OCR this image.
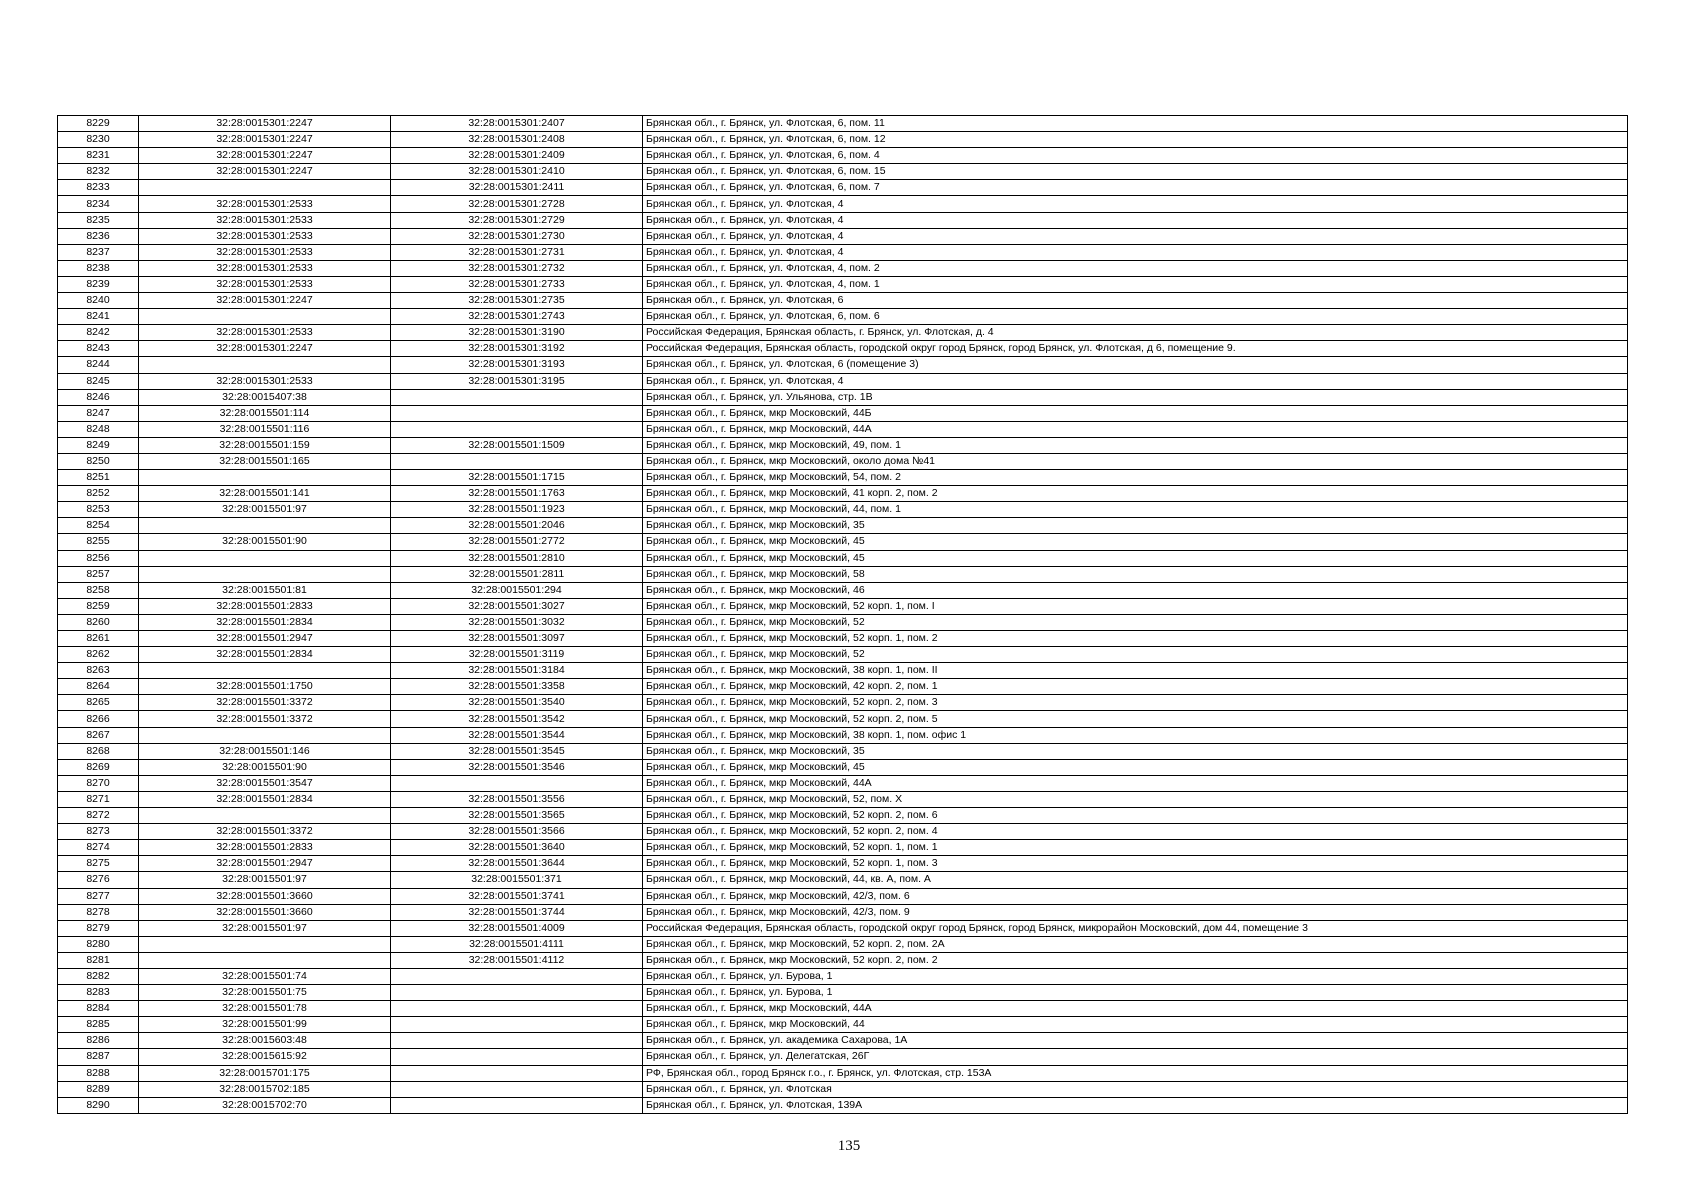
8229	32:28:0015301:2247	32:28:0015301:2407	Брянская обл., г. Брянск, ул. Флотская, 6, пом. 11
8230	32:28:0015301:2247	32:28:0015301:2408	Брянская обл., г. Брянск, ул. Флотская, 6, пом. 12
8231	32:28:0015301:2247	32:28:0015301:2409	Брянская обл., г. Брянск, ул. Флотская, 6, пом. 4
8232	32:28:0015301:2247	32:28:0015301:2410	Брянская обл., г. Брянск, ул. Флотская, 6, пом. 15
8233		32:28:0015301:2411	Брянская обл., г. Брянск, ул. Флотская, 6, пом. 7
8234	32:28:0015301:2533	32:28:0015301:2728	Брянская обл., г. Брянск, ул. Флотская, 4
8235	32:28:0015301:2533	32:28:0015301:2729	Брянская обл., г. Брянск, ул. Флотская, 4
8236	32:28:0015301:2533	32:28:0015301:2730	Брянская обл., г. Брянск, ул. Флотская, 4
8237	32:28:0015301:2533	32:28:0015301:2731	Брянская обл., г. Брянск, ул. Флотская, 4
8238	32:28:0015301:2533	32:28:0015301:2732	Брянская обл., г. Брянск, ул. Флотская, 4, пом. 2
8239	32:28:0015301:2533	32:28:0015301:2733	Брянская обл., г. Брянск, ул. Флотская, 4, пом. 1
8240	32:28:0015301:2247	32:28:0015301:2735	Брянская обл., г. Брянск, ул. Флотская, 6
8241		32:28:0015301:2743	Брянская обл., г. Брянск, ул. Флотская, 6, пом. 6
8242	32:28:0015301:2533	32:28:0015301:3190	Российская Федерация, Брянская область, г. Брянск, ул. Флотская, д. 4
8243	32:28:0015301:2247	32:28:0015301:3192	Российская Федерация, Брянская область, городской округ город Брянск, город Брянск, ул. Флотская, д 6, помещение 9.
8244		32:28:0015301:3193	Брянская обл., г. Брянск, ул. Флотская, 6 (помещение 3)
8245	32:28:0015301:2533	32:28:0015301:3195	Брянская обл., г. Брянск, ул. Флотская, 4
8246	32:28:0015407:38		Брянская обл., г. Брянск, ул. Ульянова, стр. 1В
8247	32:28:0015501:114		Брянская обл., г. Брянск, мкр Московский, 44Б
8248	32:28:0015501:116		Брянская обл., г. Брянск, мкр Московский, 44А
8249	32:28:0015501:159	32:28:0015501:1509	Брянская обл., г. Брянск, мкр Московский, 49, пом. 1
8250	32:28:0015501:165		Брянская обл., г. Брянск, мкр Московский, около дома №41
8251		32:28:0015501:1715	Брянская обл., г. Брянск, мкр Московский, 54, пом. 2
8252	32:28:0015501:141	32:28:0015501:1763	Брянская обл., г. Брянск, мкр Московский, 41 корп. 2, пом. 2
8253	32:28:0015501:97	32:28:0015501:1923	Брянская обл., г. Брянск, мкр Московский, 44, пом. 1
8254		32:28:0015501:2046	Брянская обл., г. Брянск, мкр Московский, 35
8255	32:28:0015501:90	32:28:0015501:2772	Брянская обл., г. Брянск, мкр Московский, 45
8256		32:28:0015501:2810	Брянская обл., г. Брянск, мкр Московский, 45
8257		32:28:0015501:2811	Брянская обл., г. Брянск, мкр Московский, 58
8258	32:28:0015501:81	32:28:0015501:294	Брянская обл., г. Брянск, мкр Московский, 46
8259	32:28:0015501:2833	32:28:0015501:3027	Брянская обл., г. Брянск, мкр Московский, 52 корп. 1, пом. I
8260	32:28:0015501:2834	32:28:0015501:3032	Брянская обл., г. Брянск, мкр Московский, 52
8261	32:28:0015501:2947	32:28:0015501:3097	Брянская обл., г. Брянск, мкр Московский, 52 корп. 1, пом. 2
8262	32:28:0015501:2834	32:28:0015501:3119	Брянская обл., г. Брянск, мкр Московский, 52
8263		32:28:0015501:3184	Брянская обл., г. Брянск, мкр Московский, 38 корп. 1, пом. II
8264	32:28:0015501:1750	32:28:0015501:3358	Брянская обл., г. Брянск, мкр Московский, 42 корп. 2, пом. 1
8265	32:28:0015501:3372	32:28:0015501:3540	Брянская обл., г. Брянск, мкр Московский, 52 корп. 2, пом. 3
8266	32:28:0015501:3372	32:28:0015501:3542	Брянская обл., г. Брянск, мкр Московский, 52 корп. 2, пом. 5
8267		32:28:0015501:3544	Брянская обл., г. Брянск, мкр Московский, 38 корп. 1, пом. офис 1
8268	32:28:0015501:146	32:28:0015501:3545	Брянская обл., г. Брянск, мкр Московский, 35
8269	32:28:0015501:90	32:28:0015501:3546	Брянская обл., г. Брянск, мкр Московский, 45
8270	32:28:0015501:3547		Брянская обл., г. Брянск, мкр Московский, 44А
8271	32:28:0015501:2834	32:28:0015501:3556	Брянская обл., г. Брянск, мкр Московский, 52, пом. X
8272		32:28:0015501:3565	Брянская обл., г. Брянск, мкр Московский, 52 корп. 2, пом. 6
8273	32:28:0015501:3372	32:28:0015501:3566	Брянская обл., г. Брянск, мкр Московский, 52 корп. 2, пом. 4
8274	32:28:0015501:2833	32:28:0015501:3640	Брянская обл., г. Брянск, мкр Московский, 52 корп. 1, пом. 1
8275	32:28:0015501:2947	32:28:0015501:3644	Брянская обл., г. Брянск, мкр Московский, 52 корп. 1, пом. 3
8276	32:28:0015501:97	32:28:0015501:371	Брянская обл., г. Брянск, мкр Московский, 44, кв. А, пом. А
8277	32:28:0015501:3660	32:28:0015501:3741	Брянская обл., г. Брянск, мкр Московский, 42/3, пом. 6
8278	32:28:0015501:3660	32:28:0015501:3744	Брянская обл., г. Брянск, мкр Московский, 42/3, пом. 9
8279	32:28:0015501:97	32:28:0015501:4009	Российская Федерация, Брянская область, городской округ город Брянск, город Брянск, микрорайон Московский, дом 44, помещение 3
8280		32:28:0015501:4111	Брянская обл., г. Брянск, мкр Московский, 52 корп. 2, пом. 2А
8281		32:28:0015501:4112	Брянская обл., г. Брянск, мкр Московский, 52 корп. 2, пом. 2
8282	32:28:0015501:74		Брянская обл., г. Брянск, ул. Бурова, 1
8283	32:28:0015501:75		Брянская обл., г. Брянск, ул. Бурова, 1
8284	32:28:0015501:78		Брянская обл., г. Брянск, мкр Московский, 44А
8285	32:28:0015501:99		Брянская обл., г. Брянск, мкр Московский, 44
8286	32:28:0015603:48		Брянская обл., г. Брянск, ул. академика Сахарова, 1А
8287	32:28:0015615:92		Брянская обл., г. Брянск, ул. Делегатская, 26Г
8288	32:28:0015701:175		РФ, Брянская обл., город Брянск г.о., г. Брянск, ул. Флотская, стр. 153А
8289	32:28:0015702:185		Брянская обл., г. Брянск, ул. Флотская
8290	32:28:0015702:70		Брянская обл., г. Брянск, ул. Флотская, 139А
135
